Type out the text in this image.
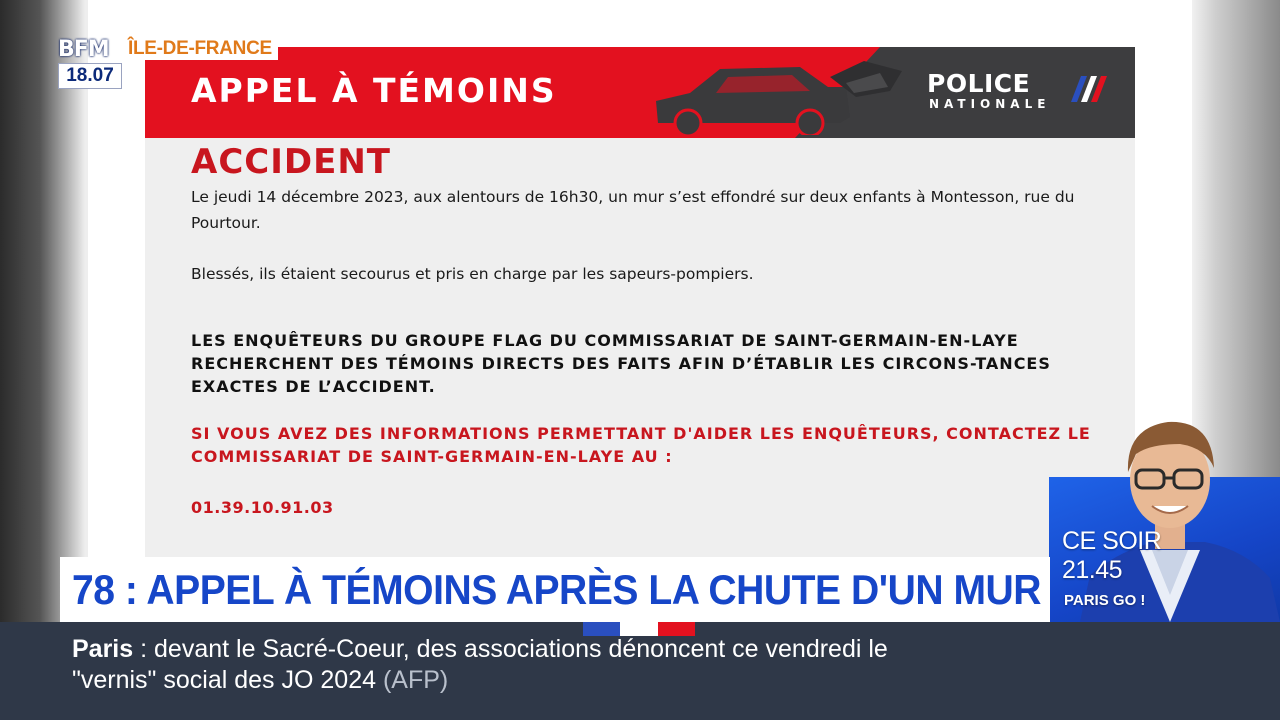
APPEL À TÉMOINS	POLICE
NATIONALE
ACCIDENT
Le jeudi 14 décembre 2023, aux alentours de 16h30, un mur s’est effondré sur deux enfants à Montesson, rue du Pourtour.
Blessés, ils étaient secourus et pris en charge par les sapeurs-pompiers.
LES ENQUÊTEURS DU GROUPE FLAG DU COMMISSARIAT DE SAINT-GERMAIN-EN-LAYE RECHERCHENT DES TÉMOINS DIRECTS DES FAITS AFIN D’ÉTABLIR LES CIRCONS-TANCES EXACTES DE L’ACCIDENT.
SI VOUS AVEZ DES INFORMATIONS PERMETTANT D'AIDER LES ENQUÊTEURS, CONTACTEZ LE COMMISSARIAT DE SAINT-GERMAIN-EN-LAYE AU :
01.39.10.91.03
BFM
18.07
ÎLE-DE-FRANCE
CE SOIR
21.45
PARIS GO !
78 : APPEL À TÉMOINS APRÈS LA CHUTE D'UN MUR
Paris : devant le Sacré-Coeur, des associations dénoncent ce vendredi le
"vernis" social des JO 2024 (AFP)
